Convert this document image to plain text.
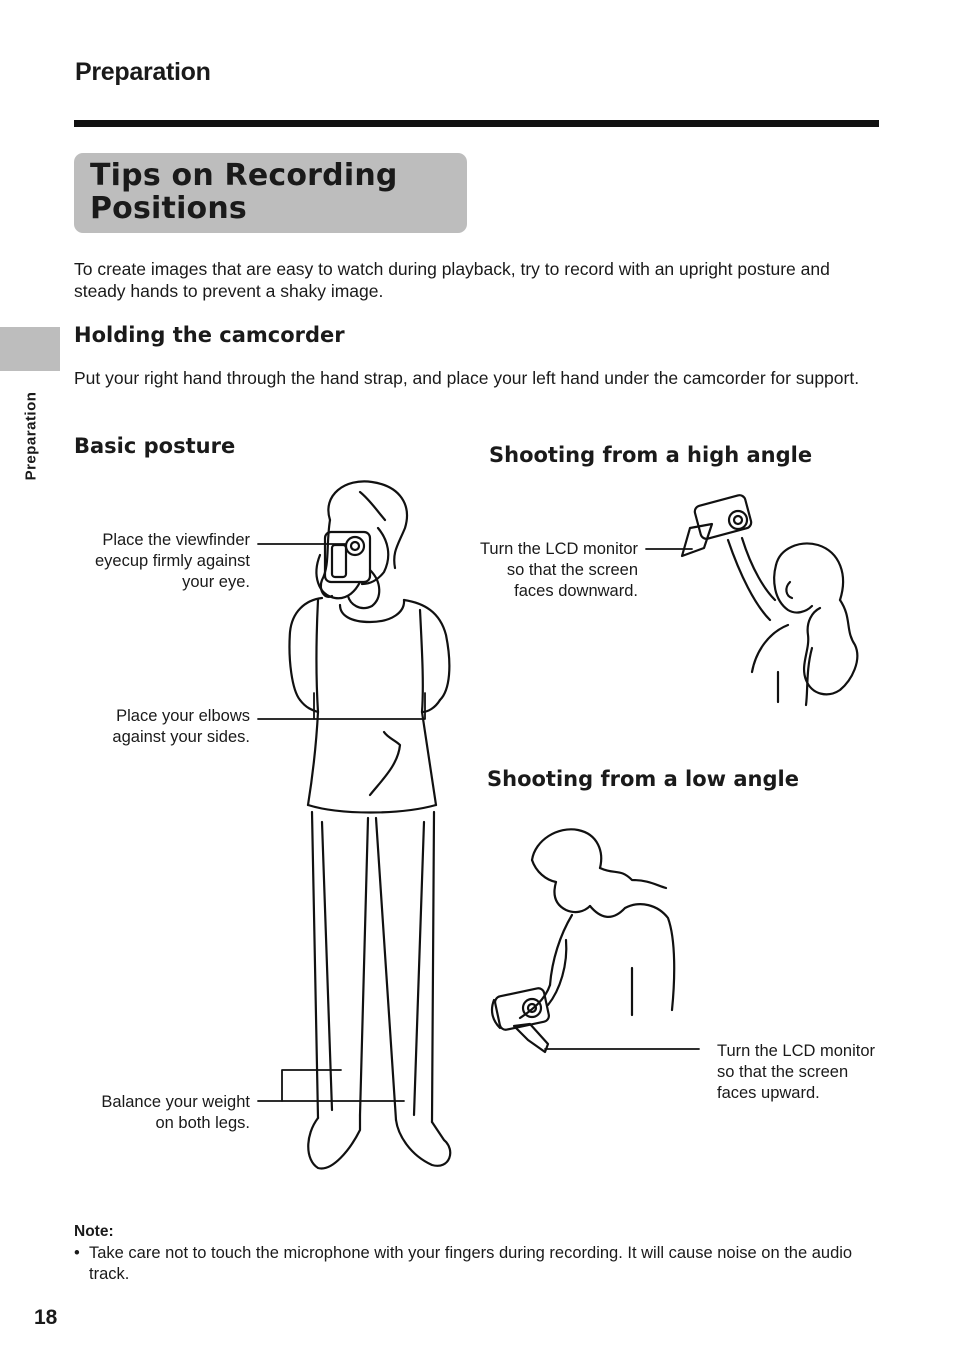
Preparation
Preparation
Tips on Recording Positions
To create images that are easy to watch during playback, try to record with an upright posture and steady hands to prevent a shaky image.
Holding the camcorder
Put your right hand through the hand strap, and place your left hand under the camcorder for support.
Basic posture	Shooting from a high angle
Shooting from a low angle
Place the viewfinder eyecup firmly against your eye.
Place your elbows against your sides.
Balance your weight on both legs.
Turn the LCD monitor so that the screen faces downward.
Turn the LCD monitor so that the screen faces upward.
Note:
• Take care not to touch the microphone with your fingers during recording. It will cause noise on the audio track.
18
